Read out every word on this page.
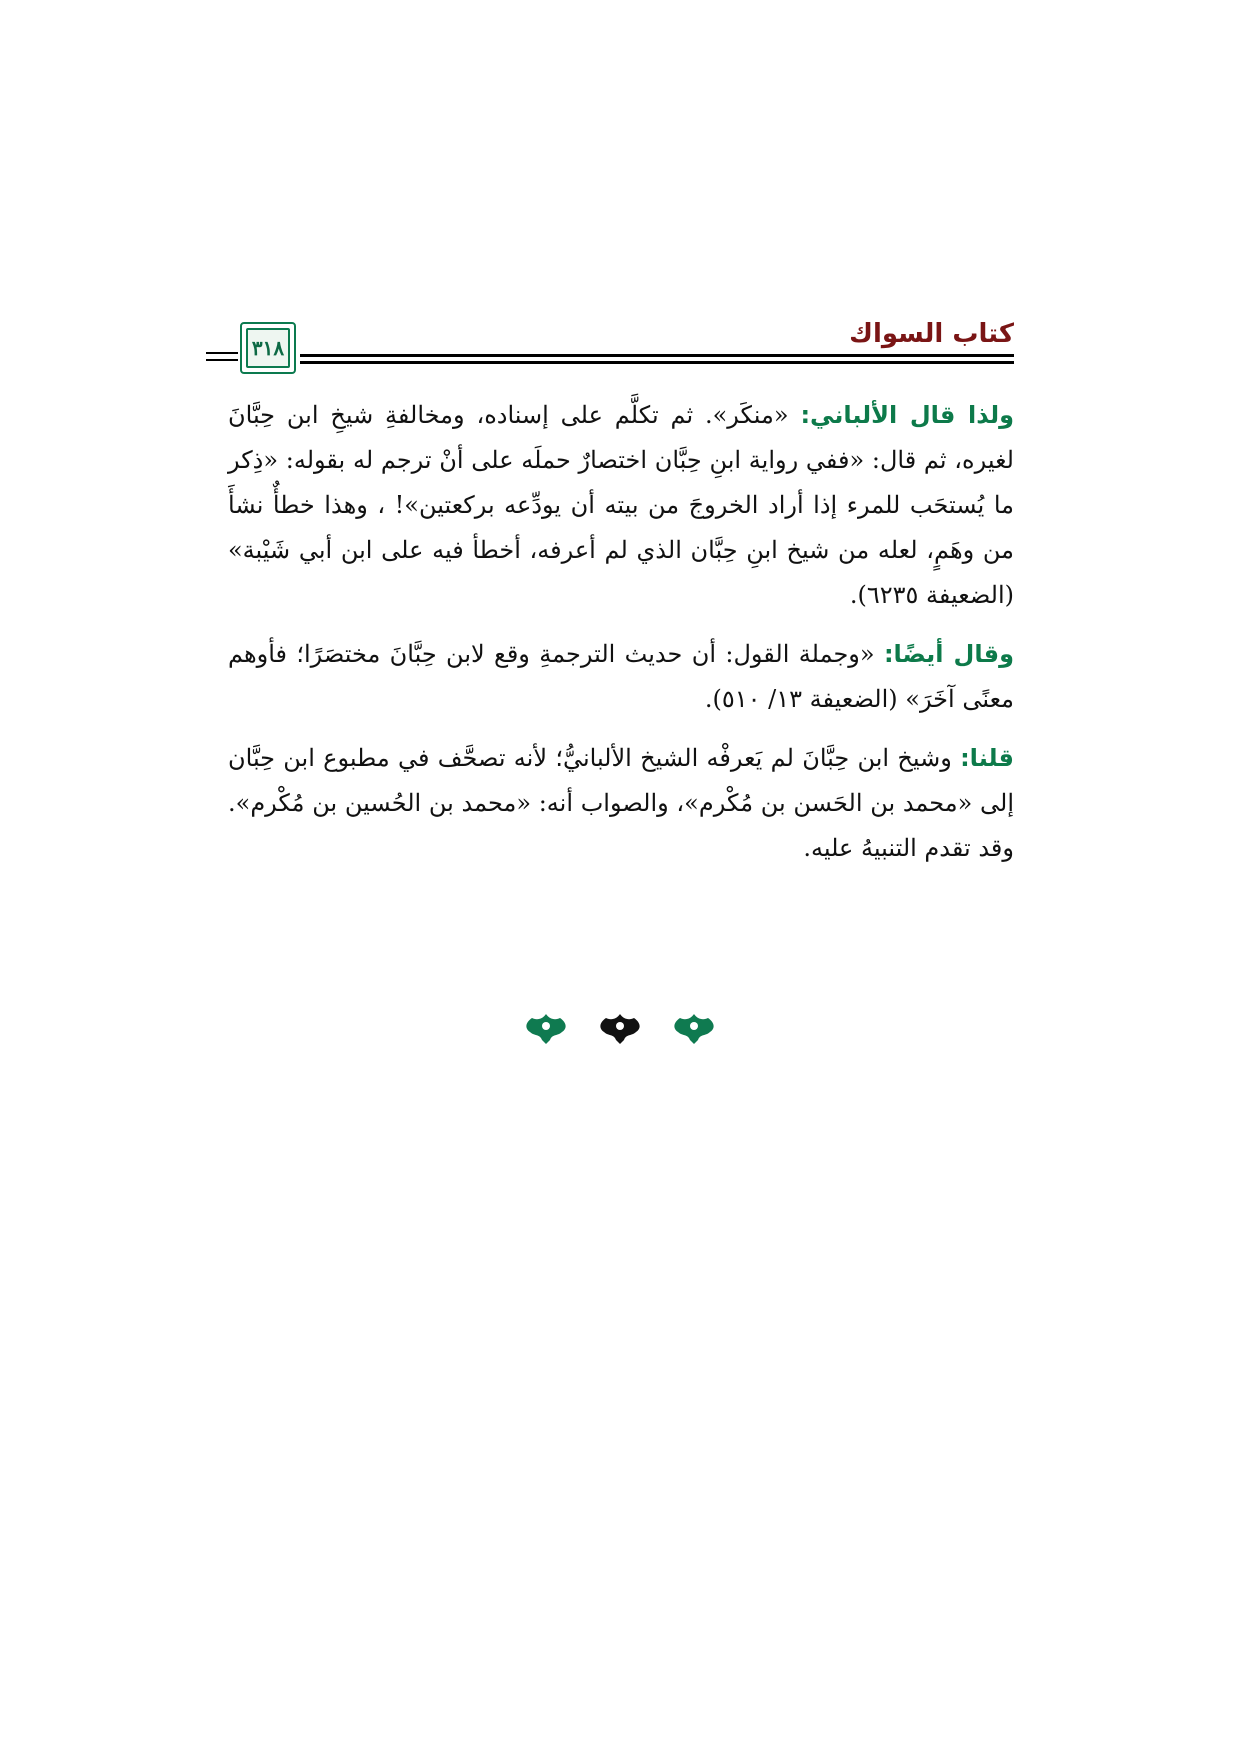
كتاب السواك
٣١٨

ولذا قال الألباني: «منكَر». ثم تكلَّم على إسناده، ومخالفةِ شيخِ ابن حِبَّانَ لغيره، ثم قال: «ففي رواية ابنِ حِبَّان اختصارٌ حملَه على أنْ ترجم له بقوله: «ذِكر ما يُستحَب للمرء إذا أراد الخروجَ من بيته أن يودِّعه بركعتين»! ، وهذا خطأٌ نشأَ من وهَمٍ، لعله من شيخ ابنِ حِبَّان الذي لم أعرفه، أخطأ فيه على ابن أبي شَيْبة» (الضعيفة ٦٢٣٥).

وقال أيضًا: «وجملة القول: أن حديث الترجمةِ وقع لابن حِبَّانَ مختصَرًا؛ فأوهم معنًى آخَرَ» (الضعيفة ١٣/ ٥١٠).

قلنا: وشيخ ابن حِبَّانَ لم يَعرفْه الشيخ الألبانيُّ؛ لأنه تصحَّف في مطبوع ابن حِبَّان إلى «محمد بن الحَسن بن مُكْرم»، والصواب أنه: «محمد بن الحُسين بن مُكْرم». وقد تقدم التنبيهُ عليه.
